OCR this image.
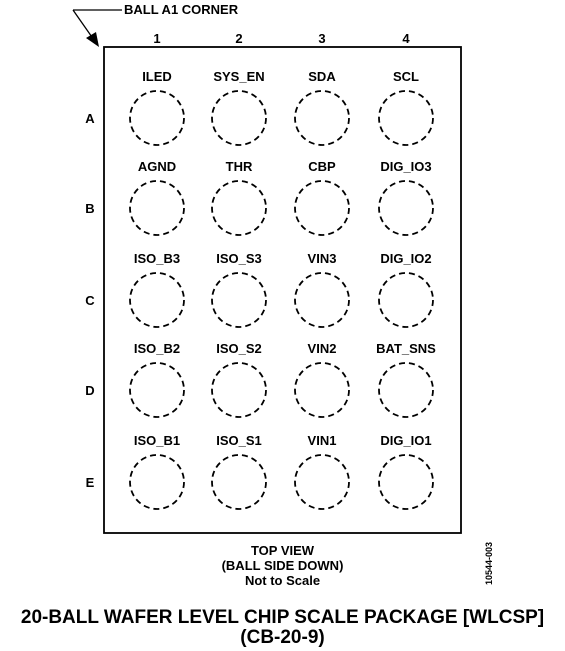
BALL A1 CORNER
1	2	3	4
A
B
C
D
E
ILED	SYS_EN	SDA	SCL
AGND	THR	CBP	DIG_IO3
ISO_B3	ISO_S3	VIN3	DIG_IO2
ISO_B2	ISO_S2	VIN2	BAT_SNS
ISO_B1	ISO_S1	VIN1	DIG_IO1
10544-003
TOP VIEW
(BALL SIDE DOWN)
Not to Scale
20-BALL WAFER LEVEL CHIP SCALE PACKAGE [WLCSP]
(CB-20-9)
